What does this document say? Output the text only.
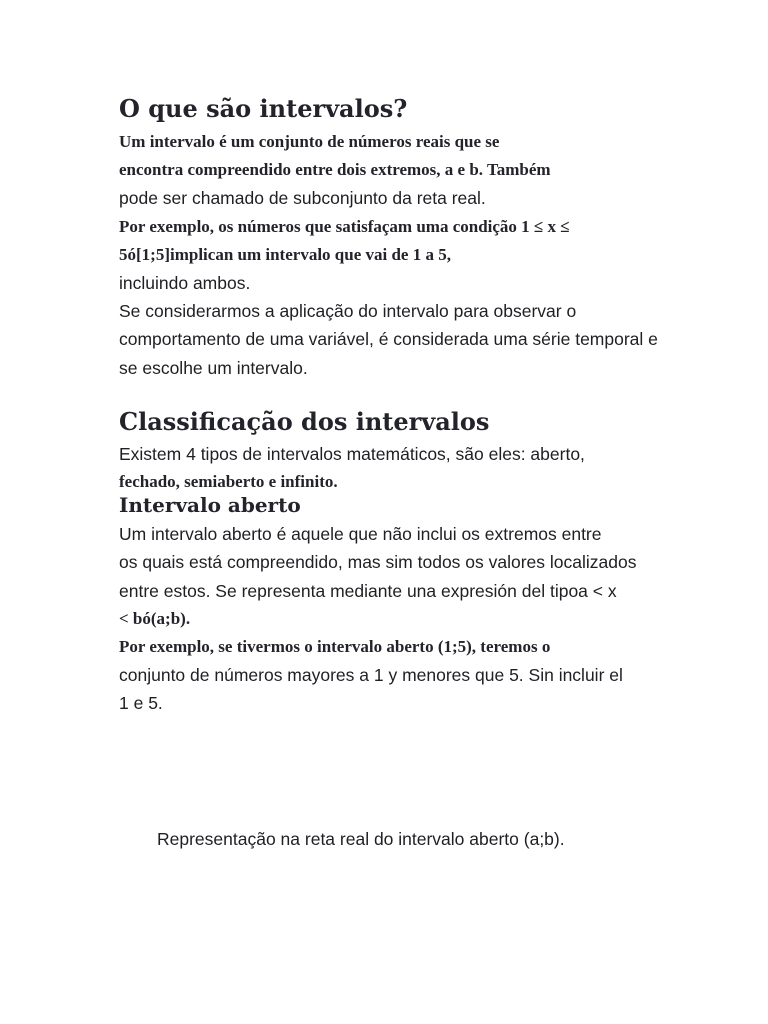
O que são intervalos?
Um intervalo é um conjunto de números reais que se
encontra compreendido entre dois extremos, a e b. Também
pode ser chamado de subconjunto da reta real.
Por exemplo, os números que satisfaçam uma condição 1 ≤ x ≤
5ó[1;5]implican um intervalo que vai de 1 a 5,
incluindo ambos.
Se considerarmos a aplicação do intervalo para observar o
comportamento de uma variável, é considerada uma série temporal e
se escolhe um intervalo.
Classificação dos intervalos
Existem 4 tipos de intervalos matemáticos, são eles: aberto,
fechado, semiaberto e infinito.
Intervalo aberto
Um intervalo aberto é aquele que não inclui os extremos entre
os quais está compreendido, mas sim todos os valores localizados
entre estos. Se representa mediante una expresión del tipoa < x
< bó(a;b).
Por exemplo, se tivermos o intervalo aberto (1;5), teremos o
conjunto de números mayores a 1 y menores que 5. Sin incluir el
1 e 5.
Representação na reta real do intervalo aberto (a;b).
